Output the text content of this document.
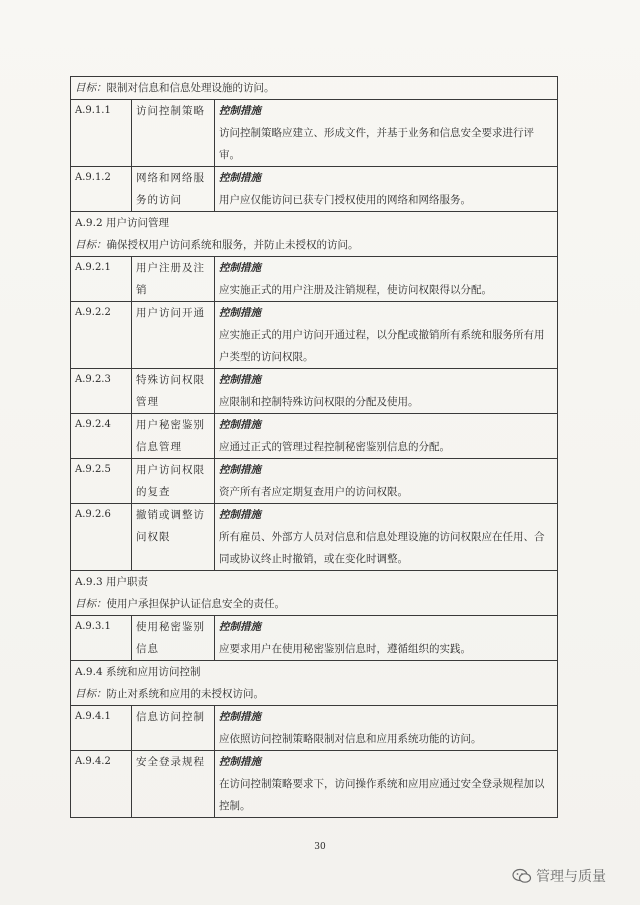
目标：限制对信息和信息处理设施的访问。		
A.9.1.1	访问控制策略	控制措施
访问控制策略应建立、形成文件，并基于业务和信息安全要求进行评审。

A.9.1.2	网络和网络服务的访问	控制措施
用户应仅能访问已获专门授权使用的网络和网络服务。

A.9.2 用户访问管理
目标：确保授权用户访问系统和服务，并防止未授权的访问。		

A.9.2.1	用户注册及注销	控制措施
应实施正式的用户注册及注销规程，使访问权限得以分配。

A.9.2.2	用户访问开通	控制措施
应实施正式的用户访问开通过程，以分配或撤销所有系统和服务所有用户类型的访问权限。

A.9.2.3	特殊访问权限管理	控制措施
应限制和控制特殊访问权限的分配及使用。

A.9.2.4	用户秘密鉴别信息管理	控制措施
应通过正式的管理过程控制秘密鉴别信息的分配。

A.9.2.5	用户访问权限的复查	控制措施
资产所有者应定期复查用户的访问权限。

A.9.2.6	撤销或调整访问权限	控制措施
所有雇员、外部方人员对信息和信息处理设施的访问权限应在任用、合同或协议终止时撤销，或在变化时调整。

A.9.3 用户职责
目标：使用户承担保护认证信息安全的责任。		

A.9.3.1	使用秘密鉴别信息	控制措施
应要求用户在使用秘密鉴别信息时，遵循组织的实践。

A.9.4 系统和应用访问控制
目标：防止对系统和应用的未授权访问。		

A.9.4.1	信息访问控制	控制措施
应依照访问控制策略限制对信息和应用系统功能的访问。

A.9.4.2	安全登录规程	控制措施
在访问控制策略要求下，访问操作系统和应用应通过安全登录规程加以控制。
30
管理与质量
